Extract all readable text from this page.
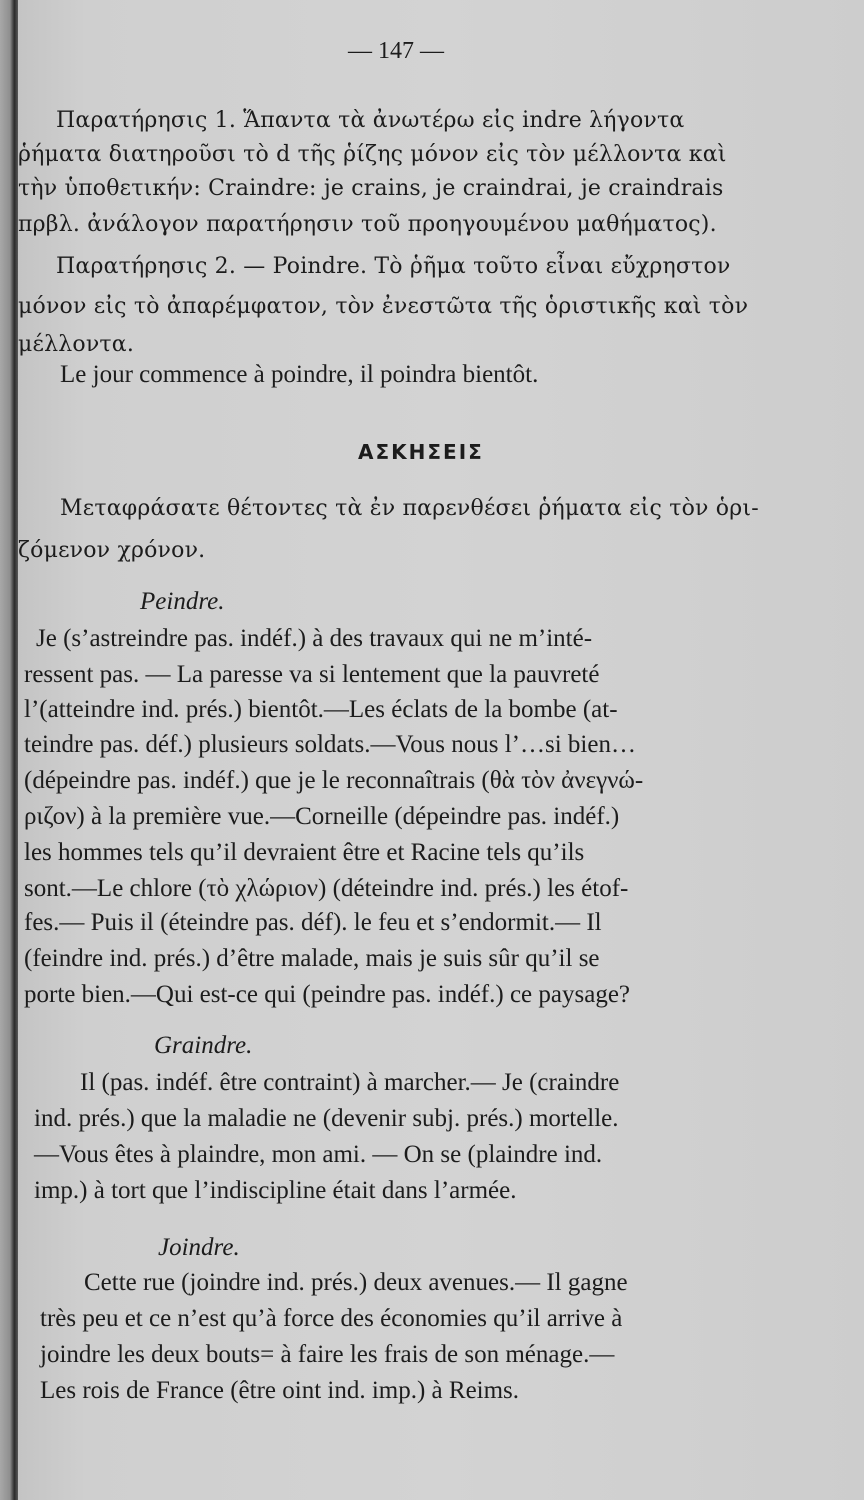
— 147 —
Παρατήρησις 1. Ἅπαντα τὰ ἀνωτέρω εἰς indre λήγοντα
ῥήματα διατηροῦσι τὸ d τῆς ῥίζης μόνον εἰς τὸν μέλλοντα καὶ
τὴν ὑποθετικήν: Craindre: je crains, je craindrai, je craindrais
πρβλ. ἀνάλογον παρατήρησιν τοῦ προηγουμένου μαθήματος).
Παρατήρησις 2. — Poindre. Τὸ ῥῆμα τοῦτο εἶναι εὔχρηστον
μόνον εἰς τὸ ἀπαρέμφατον, τὸν ἐνεστῶτα τῆς ὁριστικῆς καὶ τὸν
μέλλοντα.
Le jour commence à poindre, il poindra bientôt.
ΑΣΚΗΣΕΙΣ
Μεταφράσατε θέτοντες τὰ ἐν παρενθέσει ῥήματα εἰς τὸν ὁρι-
ζόμενον χρόνον.
Peindre.
Je (s’astreindre pas. indéf.) à des travaux qui ne m’inté-
ressent pas. — La paresse va si lentement que la pauvreté
l’(atteindre ind. prés.) bientôt.—Les éclats de la bombe (at-
teindre pas. déf.) plusieurs soldats.—Vous nous l’…si bien…
(dépeindre pas. indéf.) que je le reconnaîtrais (θὰ τὸν ἀνεγνώ-
ριζον) à la première vue.—Corneille (dépeindre pas. indéf.)
les hommes tels qu’il devraient être et Racine tels qu’ils
sont.—Le chlore (τὸ χλώριον) (déteindre ind. prés.) les étof-
fes.— Puis il (éteindre pas. déf). le feu et s’endormit.— Il
(feindre ind. prés.) d’être malade, mais je suis sûr qu’il se
porte bien.—Qui est-ce qui (peindre pas. indéf.) ce paysage?
Graindre.
Il (pas. indéf. être contraint) à marcher.— Je (craindre
ind. prés.) que la maladie ne (devenir subj. prés.) mortelle.
—Vous êtes à plaindre, mon ami. — On se (plaindre ind.
imp.) à tort que l’indiscipline était dans l’armée.
Joindre.
Cette rue (joindre ind. prés.) deux avenues.— Il gagne
très peu et ce n’est qu’à force des économies qu’il arrive à
joindre les deux bouts= à faire les frais de son ménage.—
Les rois de France (être oint ind. imp.) à Reims.
